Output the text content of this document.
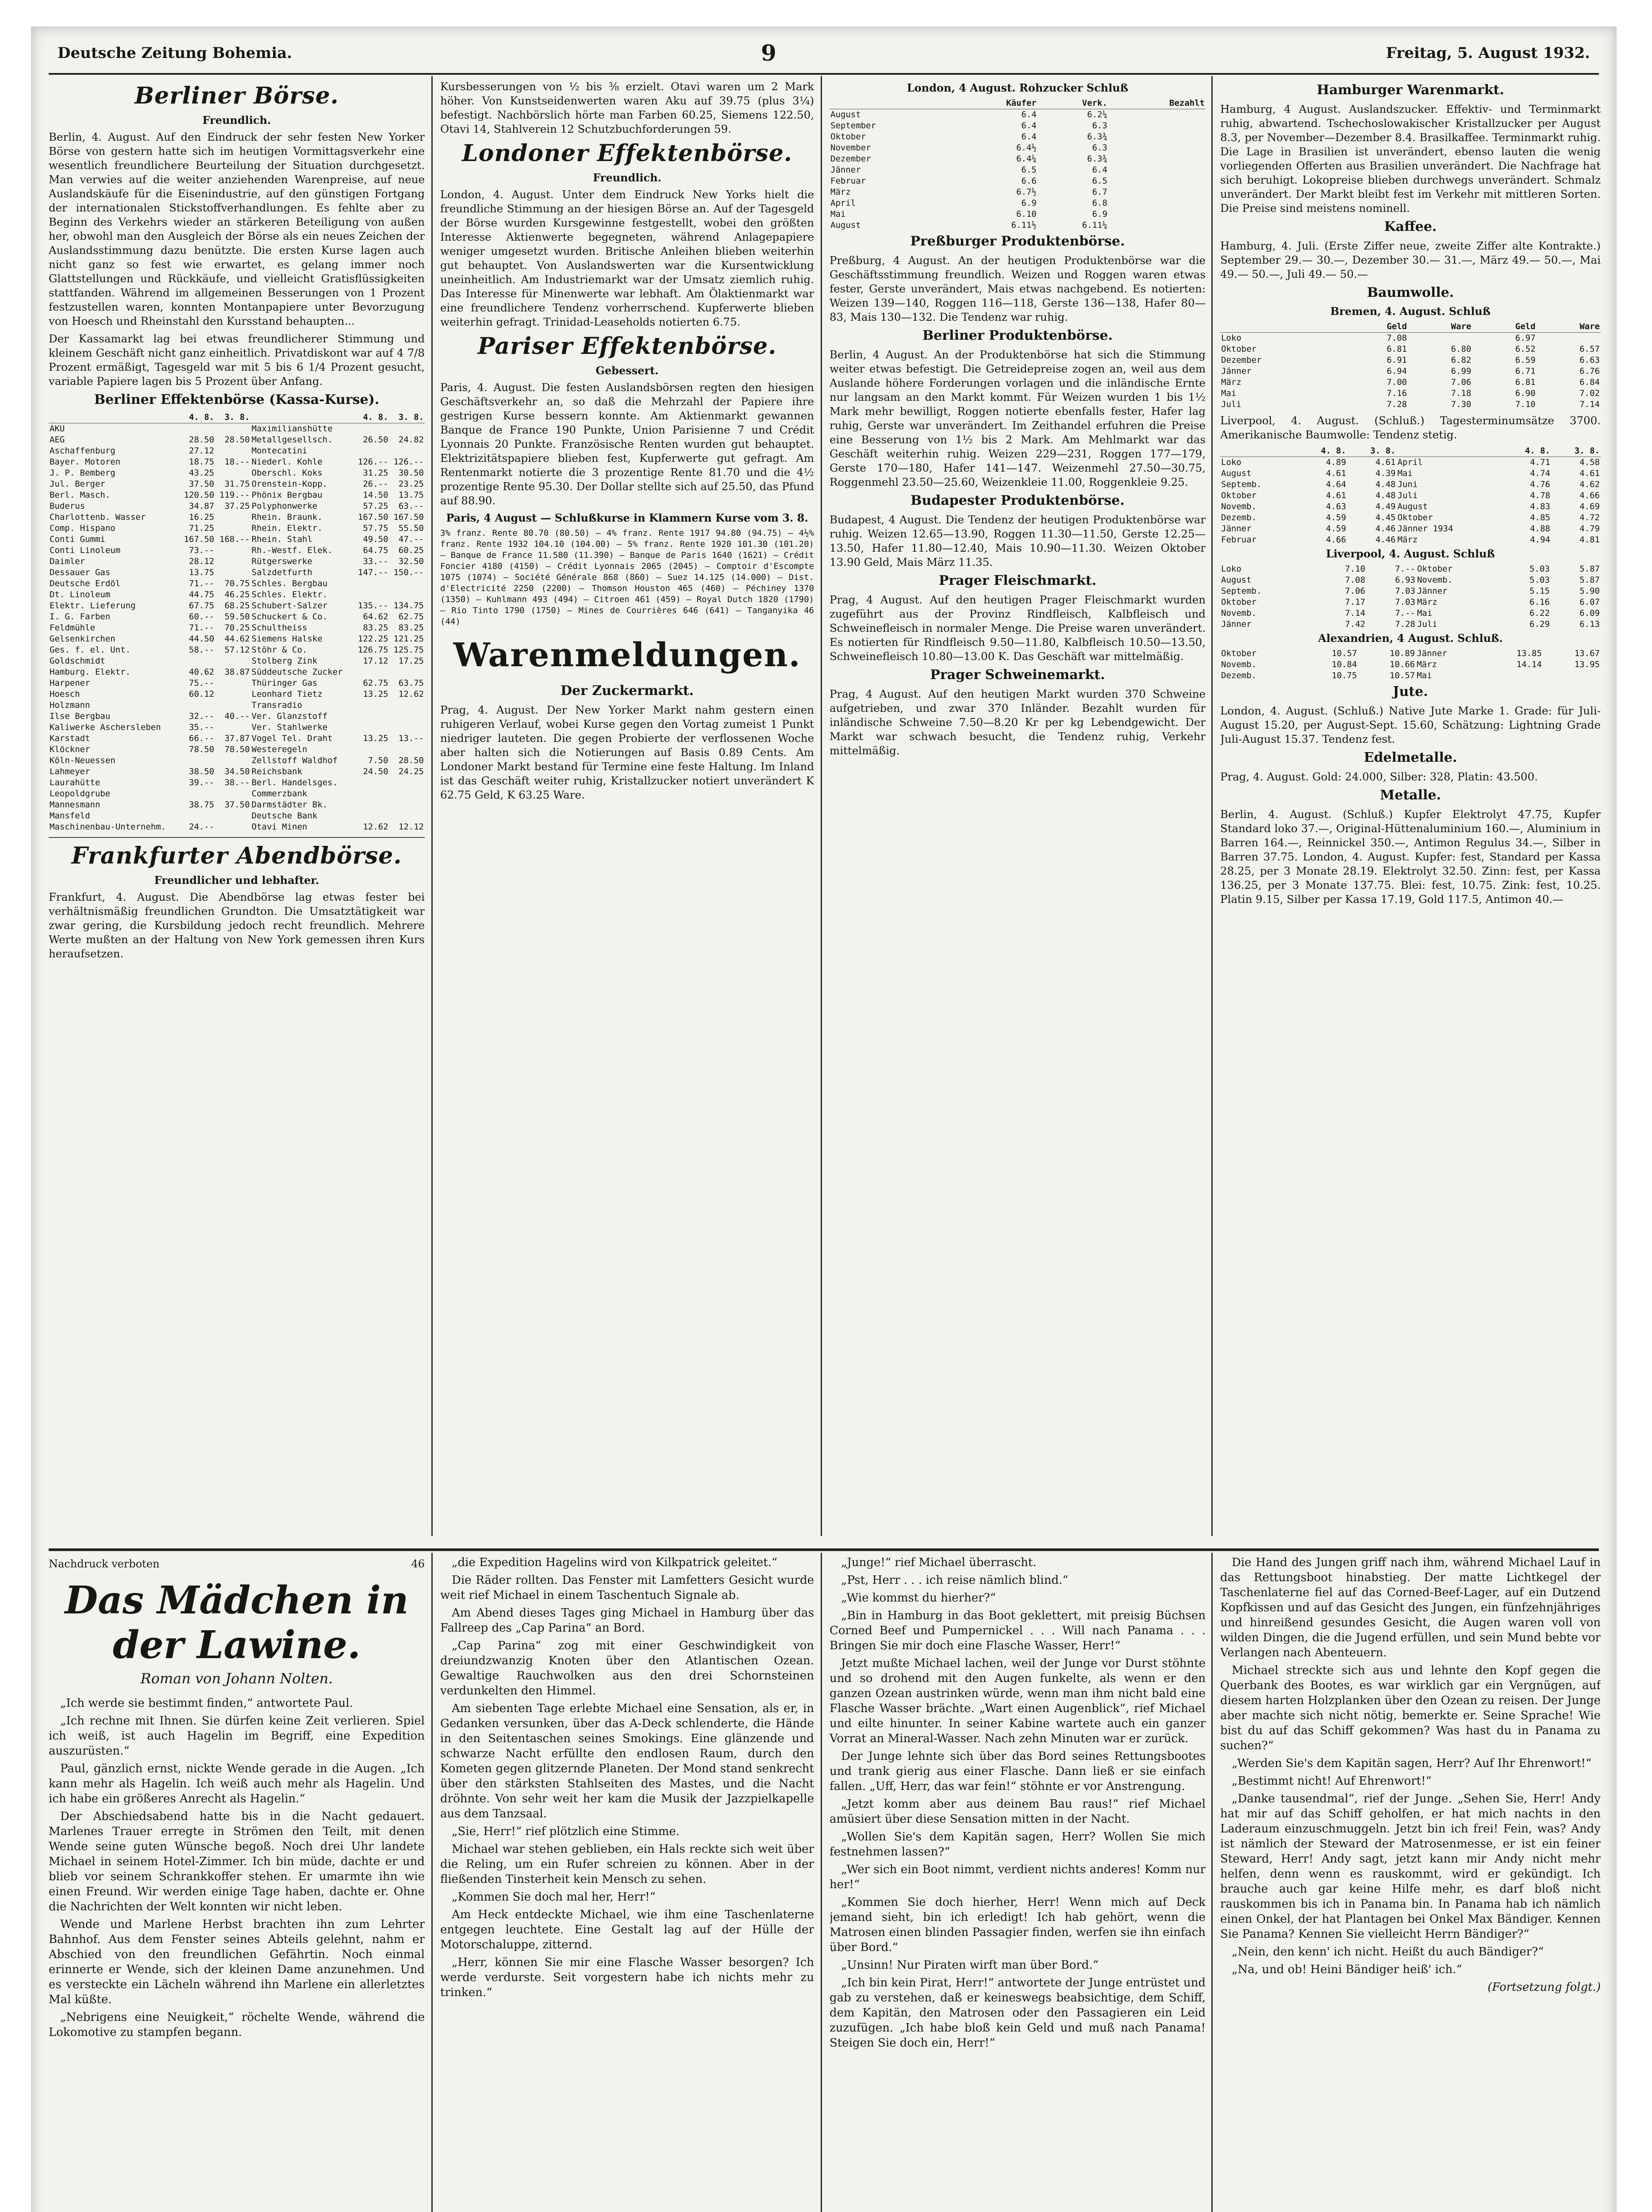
Deutsche Zeitung Bohemia.	9	Freitag, 5. August 1932.
Berliner Börse.
Freundlich.

Berlin, 4. August. Auf den Eindruck der sehr festen New Yorker Börse von gestern hatte sich im heutigen Vormittagsverkehr eine wesentlich freundlichere Beurteilung der Situation durchgesetzt. Man verwies auf die weiter anziehenden Warenpreise, auf neue Auslandskäufe für die Eisenindustrie, auf den günstigen Fortgang der internationalen Stickstoffverhandlungen. Es fehlte aber zu Beginn des Verkehrs wieder an stärkeren Beteiligung von außen her, obwohl man den Ausgleich der Börse als ein neues Zeichen der Auslandsstimmung dazu benützte. Die ersten Kurse lagen auch nicht ganz so fest wie erwartet, es gelang immer noch Glattstellungen und Rückkäufe, und vielleicht Gratisflüssigkeiten stattfanden. Während im allgemeinen Besserungen von 1 Prozent festzustellen waren, konnten Montanpapiere unter Bevorzugung von Hoesch und Rheinstahl den Kursstand behaupten...

Der Kassamarkt lag bei etwas freundlicherer Stimmung und kleinem Geschäft nicht ganz einheitlich. Privatdiskont war auf 4 7/8 Prozent ermäßigt, Tagesgeld war mit 5 bis 6 1/4 Prozent gesucht, variable Papiere lagen bis 5 Prozent über Anfang.

Berliner Effektenbörse (Kassa-Kurse).
	4. 8.	3. 8.		4. 8.	3. 8.
AKU			Maximilianshütte		
AEG	28.50	28.50	Metallgesellsch.	26.50	24.82
Aschaffenburg	27.12		Montecatini		
Bayer. Motoren	18.75	18.--	Niederl. Kohle	126.--	126.--
J. P. Bemberg	43.25		Oberschl. Koks	31.25	30.50
Jul. Berger	37.50	31.75	Orenstein-Kopp.	26.--	23.25
Berl. Masch.	120.50	119.--	Phönix Bergbau	14.50	13.75
Buderus	34.87	37.25	Polyphonwerke	57.25	63.--
Charlottenb. Wasser	16.25		Rhein. Braunk.	167.50	167.50
Comp. Hispano	71.25		Rhein. Elektr.	57.75	55.50
Conti Gummi	167.50	168.--	Rhein. Stahl	49.50	47.--
Conti Linoleum	73.--		Rh.-Westf. Elek.	64.75	60.25
Daimler	28.12		Rütgerswerke	33.--	32.50
Dessauer Gas	13.75		Salzdetfurth	147.--	150.--
Deutsche Erdöl	71.--	70.75	Schles. Bergbau		
Dt. Linoleum	44.75	46.25	Schles. Elektr.		
Elektr. Lieferung	67.75	68.25	Schubert-Salzer	135.--	134.75
I. G. Farben	60.--	59.50	Schuckert & Co.	64.62	62.75
Feldmühle	71.--	70.25	Schultheiss	83.25	83.25
Gelsenkirchen	44.50	44.62	Siemens Halske	122.25	121.25
Ges. f. el. Unt.	58.--	57.12	Stöhr & Co.	126.75	125.75
Goldschmidt			Stolberg Zink	17.12	17.25
Hamburg. Elektr.	40.62	38.87	Süddeutsche Zucker		
Harpener	75.--		Thüringer Gas	62.75	63.75
Hoesch	60.12		Leonhard Tietz	13.25	12.62
Holzmann			Transradio		
Ilse Bergbau	32.--	40.--	Ver. Glanzstoff		
Kaliwerke Aschersleben	35.--		Ver. Stahlwerke		
Karstadt	66.--	37.87	Vogel Tel. Draht	13.25	13.--
Klöckner	78.50	78.50	Westeregeln		
Köln-Neuessen			Zellstoff Waldhof	7.50	28.50
Lahmeyer	38.50	34.50	Reichsbank	24.50	24.25
Laurahütte	39.--	38.--	Berl. Handelsges.		
Leopoldgrube			Commerzbank		
Mannesmann	38.75	37.50	Darmstädter Bk.		
Mansfeld			Deutsche Bank		
Maschinenbau-Unternehm.	24.--		Otavi Minen	12.62	12.12
Frankfurter Abendbörse.
Freundlicher und lebhafter.

Frankfurt, 4. August. Die Abendbörse lag etwas fester bei verhältnismäßig freundlichen Grundton. Die Umsatztätigkeit war zwar gering, die Kursbildung jedoch recht freundlich. Mehrere Werte mußten an der Haltung von New York gemessen ihren Kurs heraufsetzen.

Kursbesserungen von ½ bis ⅜ erzielt. Otavi waren um 2 Mark höher. Von Kunstseidenwerten waren Aku auf 39.75 (plus 3¼) befestigt. Nachbörslich hörte man Farben 60.25, Siemens 122.50, Otavi 14, Stahlverein 12 Schutzbuchforderungen 59.

Londoner Effektenbörse.
Freundlich.

London, 4. August. Unter dem Eindruck New Yorks hielt die freundliche Stimmung an der hiesigen Börse an. Auf der Tagesgeld der Börse wurden Kursgewinne festgestellt, wobei den größten Interesse Aktienwerte begegneten, während Anlagepapiere weniger umgesetzt wurden. Britische Anleihen blieben weiterhin gut behauptet. Von Auslandswerten war die Kursentwicklung uneinheitlich. Am Industriemarkt war der Umsatz ziemlich ruhig. Das Interesse für Minenwerte war lebhaft. Am Ölaktienmarkt war eine freundlichere Tendenz vorherrschend. Kupferwerte blieben weiterhin gefragt. Trinidad-Leaseholds notierten 6.75.

Pariser Effektenbörse.
Gebessert.

Paris, 4. August. Die festen Auslandsbörsen regten den hiesigen Geschäftsverkehr an, so daß die Mehrzahl der Papiere ihre gestrigen Kurse bessern konnte. Am Aktienmarkt gewannen Banque de France 190 Punkte, Union Parisienne 7 und Crédit Lyonnais 20 Punkte. Französische Renten wurden gut behauptet. Elektrizitätspapiere blieben fest, Kupferwerte gut gefragt. Am Rentenmarkt notierte die 3 prozentige Rente 81.70 und die 4½ prozentige Rente 95.30. Der Dollar stellte sich auf 25.50, das Pfund auf 88.90.

Paris, 4 August — Schlußkurse in Klammern Kurse vom 3. 8.

3% franz. Rente 80.70 (80.50) — 4% franz. Rente 1917 94.80 (94.75) — 4½% franz. Rente 1932 104.10 (104.00) — 5% franz. Rente 1920 101.30 (101.20) — Banque de France 11.580 (11.390) — Banque de Paris 1640 (1621) — Crédit Foncier 4180 (4150) — Crédit Lyonnais 2065 (2045) — Comptoir d'Escompte 1075 (1074) — Société Générale 868 (860) — Suez 14.125 (14.000) — Dist. d'Electricité 2250 (2200) — Thomson Houston 465 (460) — Péchiney 1370 (1350) — Kuhlmann 493 (494) — Citroen 461 (459) — Royal Dutch 1820 (1790) — Rio Tinto 1790 (1750) — Mines de Courrières 646 (641) — Tanganyika 46 (44)

Warenmeldungen.
Der Zuckermarkt.

Prag, 4. August. Der New Yorker Markt nahm gestern einen ruhigeren Verlauf, wobei Kurse gegen den Vortag zumeist 1 Punkt niedriger lauteten. Die gegen Probierte der verflossenen Woche aber halten sich die Notierungen auf Basis 0.89 Cents. Am Londoner Markt bestand für Termine eine feste Haltung. Im Inland ist das Geschäft weiter ruhig, Kristallzucker notiert unverändert K 62.75 Geld, K 63.25 Ware.

London, 4 August. Rohzucker Schluß
	Käufer	Verk.	Bezahlt
August	6.4	6.2¼	
September	6.4	6.3	
Oktober	6.4	6.3¾	
November	6.4½	6.3	
Dezember	6.4¼	6.3¾	
Jänner	6.5	6.4	
Februar	6.6	6.5	
März	6.7½	6.7	
April	6.9	6.8	
Mai	6.10	6.9	
August	6.11½	6.11¼	
Preßburger Produktenbörse.

Preßburg, 4 August. An der heutigen Produktenbörse war die Geschäftsstimmung freundlich. Weizen und Roggen waren etwas fester, Gerste unverändert, Mais etwas nachgebend. Es notierten: Weizen 139—140, Roggen 116—118, Gerste 136—138, Hafer 80—83, Mais 130—132. Die Tendenz war ruhig.

Berliner Produktenbörse.

Berlin, 4 August. An der Produktenbörse hat sich die Stimmung weiter etwas befestigt. Die Getreidepreise zogen an, weil aus dem Auslande höhere Forderungen vorlagen und die inländische Ernte nur langsam an den Markt kommt. Für Weizen wurden 1 bis 1½ Mark mehr bewilligt, Roggen notierte ebenfalls fester, Hafer lag ruhig, Gerste war unverändert. Im Zeithandel erfuhren die Preise eine Besserung von 1½ bis 2 Mark. Am Mehlmarkt war das Geschäft weiterhin ruhig. Weizen 229—231, Roggen 177—179, Gerste 170—180, Hafer 141—147. Weizenmehl 27.50—30.75, Roggenmehl 23.50—25.60, Weizenkleie 11.00, Roggenkleie 9.25.

Budapester Produktenbörse.

Budapest, 4 August. Die Tendenz der heutigen Produktenbörse war ruhig. Weizen 12.65—13.90, Roggen 11.30—11.50, Gerste 12.25—13.50, Hafer 11.80—12.40, Mais 10.90—11.30. Weizen Oktober 13.90 Geld, Mais März 11.35.

Prager Fleischmarkt.

Prag, 4 August. Auf den heutigen Prager Fleischmarkt wurden zugeführt aus der Provinz Rindfleisch, Kalbfleisch und Schweinefleisch in normaler Menge. Die Preise waren unverändert. Es notierten für Rindfleisch 9.50—11.80, Kalbfleisch 10.50—13.50, Schweinefleisch 10.80—13.00 K. Das Geschäft war mittelmäßig.

Prager Schweinemarkt.

Prag, 4 August. Auf den heutigen Markt wurden 370 Schweine aufgetrieben, und zwar 370 Inländer. Bezahlt wurden für inländische Schweine 7.50—8.20 Kr per kg Lebendgewicht. Der Markt war schwach besucht, die Tendenz ruhig, Verkehr mittelmäßig.

Hamburger Warenmarkt.

Hamburg, 4 August. Auslandszucker. Effektiv- und Terminmarkt ruhig, abwartend. Tschechoslowakischer Kristallzucker per August 8.3, per November—Dezember 8.4. Brasilkaffee. Terminmarkt ruhig. Die Lage in Brasilien ist unverändert, ebenso lauten die wenig vorliegenden Offerten aus Brasilien unverändert. Die Nachfrage hat sich beruhigt. Lokopreise blieben durchwegs unverändert. Schmalz unverändert. Der Markt bleibt fest im Verkehr mit mittleren Sorten. Die Preise sind meistens nominell.

Kaffee.

Hamburg, 4. Juli. (Erste Ziffer neue, zweite Ziffer alte Kontrakte.) September 29.— 30.—, Dezember 30.— 31.—, März 49.— 50.—, Mai 49.— 50.—, Juli 49.— 50.—

Baumwolle.
Bremen, 4. August. Schluß
	Geld	Ware	Geld	Ware
Loko	7.08		6.97	
Oktober	6.81	6.80	6.52	6.57
Dezember	6.91	6.82	6.59	6.63
Jänner	6.94	6.99	6.71	6.76
März	7.00	7.06	6.81	6.84
Mai	7.16	7.18	6.90	7.02
Juli	7.28	7.30	7.10	7.14

Liverpool, 4. August. (Schluß.) Tagesterminumsätze 3700. Amerikanische Baumwolle: Tendenz stetig.

	4. 8.	3. 8.		4. 8.	3. 8.
Loko	4.89	4.61	April	4.71	4.58
August	4.61	4.39	Mai	4.74	4.61
Septemb.	4.64	4.48	Juni	4.76	4.62
Oktober	4.61	4.48	Juli	4.78	4.66
Novemb.	4.63	4.49	August	4.83	4.69
Dezemb.	4.59	4.45	Oktober	4.85	4.72
Jänner	4.59	4.46	Jänner 1934	4.88	4.79
Februar	4.66	4.46	März	4.94	4.81
Liverpool, 4. August. Schluß
Loko	7.10	7.--	Oktober	5.03	5.87
August	7.08	6.93	Novemb.	5.03	5.87
Septemb.	7.06	7.03	Jänner	5.15	5.90
Oktober	7.17	7.03	März	6.16	6.07
Novemb.	7.14	7.--	Mai	6.22	6.09
Jänner	7.42	7.28	Juli	6.29	6.13
Alexandrien, 4 August. Schluß.
Oktober	10.57	10.89	Jänner	13.85	13.67
Novemb.	10.84	10.66	März	14.14	13.95
Dezemb.	10.75	10.57	Mai		
Jute.

London, 4. August. (Schluß.) Native Jute Marke 1. Grade: für Juli-August 15.20, per August-Sept. 15.60, Schätzung: Lightning Grade Juli-August 15.37. Tendenz fest.

Edelmetalle.

Prag, 4. August. Gold: 24.000, Silber: 328, Platin: 43.500.

Metalle.

Berlin, 4. August. (Schluß.) Kupfer Elektrolyt 47.75, Kupfer Standard loko 37.—, Original-Hüttenaluminium 160.—, Aluminium in Barren 164.—, Reinnickel 350.—, Antimon Regulus 34.—, Silber in Barren 37.75. London, 4. August. Kupfer: fest, Standard per Kassa 28.25, per 3 Monate 28.19. Elektrolyt 32.50. Zinn: fest, per Kassa 136.25, per 3 Monate 137.75. Blei: fest, 10.75. Zink: fest, 10.25. Platin 9.15, Silber per Kassa 17.19, Gold 117.5, Antimon 40.—

Nachdruck verboten	46
Das Mädchen in der Lawine.
Roman von Johann Nolten.

„Ich werde sie bestimmt finden,“ antwortete Paul.

„Ich rechne mit Ihnen. Sie dürfen keine Zeit verlieren. Spiel ich weiß, ist auch Hagelin im Begriff, eine Expedition auszurüsten.“

Paul, gänzlich ernst, nickte Wende gerade in die Augen. „Ich kann mehr als Hagelin. Ich weiß auch mehr als Hagelin. Und ich habe ein größeres Anrecht als Hagelin.“

Der Abschiedsabend hatte bis in die Nacht gedauert. Marlenes Trauer erregte in Strömen den Teilt, mit denen Wende seine guten Wünsche begoß. Noch drei Uhr landete Michael in seinem Hotel-Zimmer. Ich bin müde, dachte er und blieb vor seinem Schrankkoffer stehen. Er umarmte ihn wie einen Freund. Wir werden einige Tage haben, dachte er. Ohne die Nachrichten der Welt konnten wir nicht leben.

Wende und Marlene Herbst brachten ihn zum Lehrter Bahnhof. Aus dem Fenster seines Abteils gelehnt, nahm er Abschied von den freundlichen Gefährtin. Noch einmal erinnerte er Wende, sich der kleinen Dame anzunehmen. Und es versteckte ein Lächeln während ihn Marlene ein allerletztes Mal küßte.

„Nebrigens eine Neuigkeit,“ röchelte Wende, während die Lokomotive zu stampfen begann.

„die Expedition Hagelins wird von Kilkpatrick geleitet.“

Die Räder rollten. Das Fenster mit Lamfetters Gesicht wurde weit rief Michael in einem Taschentuch Signale ab.

Am Abend dieses Tages ging Michael in Hamburg über das Fallreep des „Cap Parina“ an Bord.

„Cap Parina“ zog mit einer Geschwindigkeit von dreiundzwanzig Knoten über den Atlantischen Ozean. Gewaltige Rauchwolken aus den drei Schornsteinen verdunkelten den Himmel.

Am siebenten Tage erlebte Michael eine Sensation, als er, in Gedanken versunken, über das A-Deck schlenderte, die Hände in den Seitentaschen seines Smokings. Eine glänzende und schwarze Nacht erfüllte den endlosen Raum, durch den Kometen gegen glitzernde Planeten. Der Mond stand senkrecht über den stärksten Stahlseiten des Mastes, und die Nacht dröhnte. Von sehr weit her kam die Musik der Jazzpielkapelle aus dem Tanzsaal.

„Sie, Herr!“ rief plötzlich eine Stimme.

Michael war stehen geblieben, ein Hals reckte sich weit über die Reling, um ein Rufer schreien zu können. Aber in der fließenden Tinsterheit kein Mensch zu sehen.

„Kommen Sie doch mal her, Herr!“

Am Heck entdeckte Michael, wie ihm eine Taschenlaterne entgegen leuchtete. Eine Gestalt lag auf der Hülle der Motorschaluppe, zitternd.

„Herr, können Sie mir eine Flasche Wasser besorgen? Ich werde verdurste. Seit vorgestern habe ich nichts mehr zu trinken.“

„Junge!“ rief Michael überrascht.

„Pst, Herr . . . ich reise nämlich blind.“

„Wie kommst du hierher?“

„Bin in Hamburg in das Boot geklettert, mit preisig Büchsen Corned Beef und Pumpernickel . . . Will nach Panama . . . Bringen Sie mir doch eine Flasche Wasser, Herr!“

Jetzt mußte Michael lachen, weil der Junge vor Durst stöhnte und so drohend mit den Augen funkelte, als wenn er den ganzen Ozean austrinken würde, wenn man ihm nicht bald eine Flasche Wasser brächte. „Wart einen Augenblick“, rief Michael und eilte hinunter. In seiner Kabine wartete auch ein ganzer Vorrat an Mineral-Wasser. Nach zehn Minuten war er zurück.

Der Junge lehnte sich über das Bord seines Rettungsbootes und trank gierig aus einer Flasche. Dann ließ er sie einfach fallen. „Uff, Herr, das war fein!“ stöhnte er vor Anstrengung.

„Jetzt komm aber aus deinem Bau raus!“ rief Michael amüsiert über diese Sensation mitten in der Nacht.

„Wollen Sie's dem Kapitän sagen, Herr? Wollen Sie mich festnehmen lassen?“

„Wer sich ein Boot nimmt, verdient nichts anderes! Komm nur her!“

„Kommen Sie doch hierher, Herr! Wenn mich auf Deck jemand sieht, bin ich erledigt! Ich hab gehört, wenn die Matrosen einen blinden Passagier finden, werfen sie ihn einfach über Bord.“

„Unsinn! Nur Piraten wirft man über Bord.“

„Ich bin kein Pirat, Herr!“ antwortete der Junge entrüstet und gab zu verstehen, daß er keineswegs beabsichtige, dem Schiff, dem Kapitän, den Matrosen oder den Passagieren ein Leid zuzufügen. „Ich habe bloß kein Geld und muß nach Panama! Steigen Sie doch ein, Herr!“

Die Hand des Jungen griff nach ihm, während Michael Lauf in das Rettungsboot hinabstieg. Der matte Lichtkegel der Taschenlaterne fiel auf das Corned-Beef-Lager, auf ein Dutzend Kopfkissen und auf das Gesicht des Jungen, ein fünfzehnjähriges und hinreißend gesundes Gesicht, die Augen waren voll von wilden Dingen, die die Jugend erfüllen, und sein Mund bebte vor Verlangen nach Abenteuern.

Michael streckte sich aus und lehnte den Kopf gegen die Querbank des Bootes, es war wirklich gar ein Vergnügen, auf diesem harten Holzplanken über den Ozean zu reisen. Der Junge aber machte sich nicht nötig, bemerkte er. Seine Sprache! Wie bist du auf das Schiff gekommen? Was hast du in Panama zu suchen?“

„Werden Sie's dem Kapitän sagen, Herr? Auf Ihr Ehrenwort!“

„Bestimmt nicht! Auf Ehrenwort!“

„Danke tausendmal“, rief der Junge. „Sehen Sie, Herr! Andy hat mir auf das Schiff geholfen, er hat mich nachts in den Laderaum einzuschmuggeln. Jetzt bin ich frei! Fein, was? Andy ist nämlich der Steward der Matrosenmesse, er ist ein feiner Steward, Herr! Andy sagt, jetzt kann mir Andy nicht mehr helfen, denn wenn es rauskommt, wird er gekündigt. Ich brauche auch gar keine Hilfe mehr, es darf bloß nicht rauskommen bis ich in Panama bin. In Panama hab ich nämlich einen Onkel, der hat Plantagen bei Onkel Max Bändiger. Kennen Sie Panama? Kennen Sie vielleicht Herrn Bändiger?“

„Nein, den kenn' ich nicht. Heißt du auch Bändiger?“

„Na, und ob! Heini Bändiger heiß' ich.“

(Fortsetzung folgt.)
